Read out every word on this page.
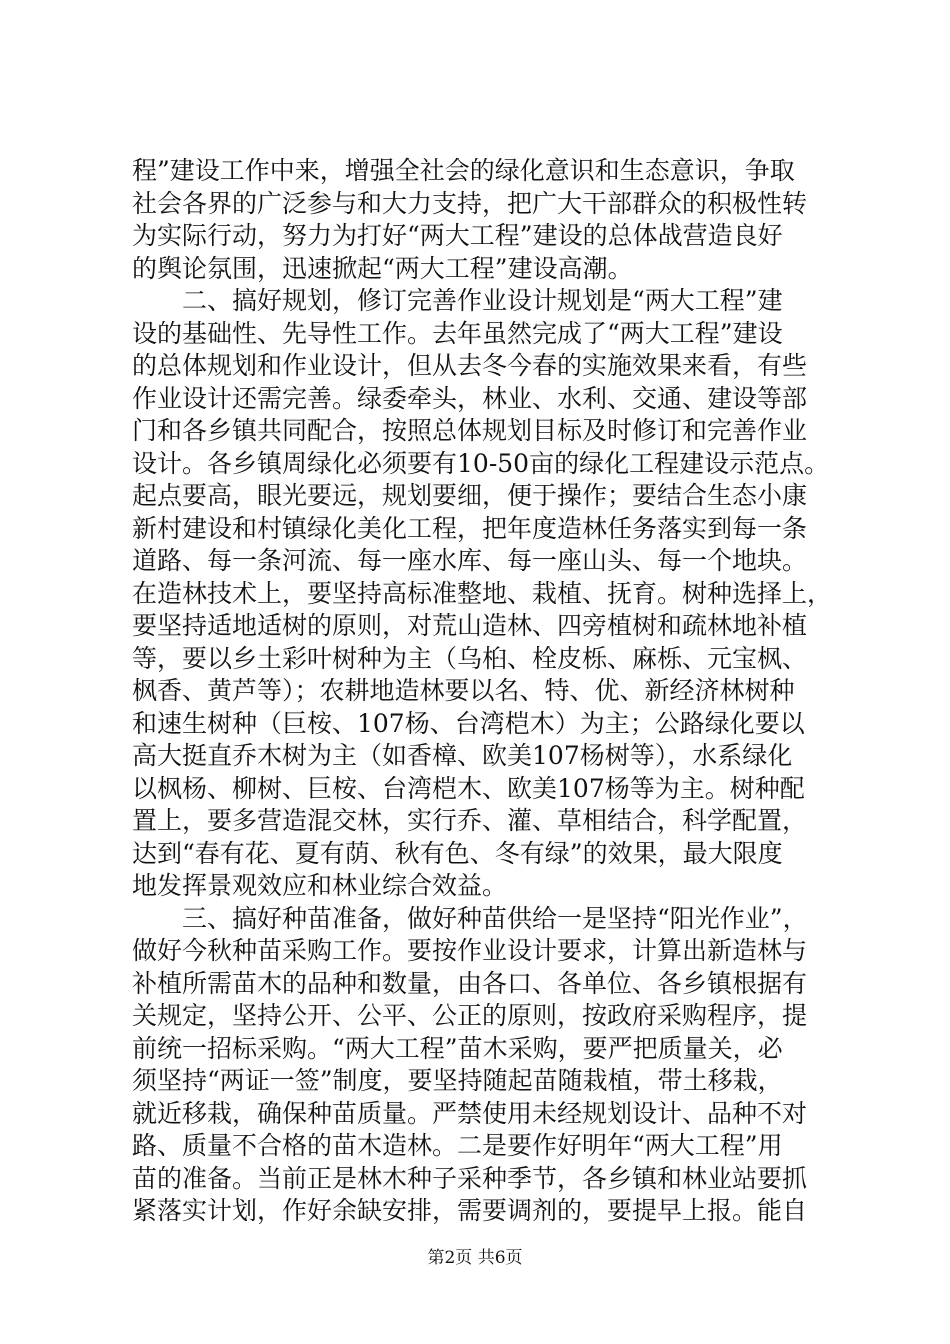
程”建设工作中来，增强全社会的绿化意识和生态意识，争取
社会各界的广泛参与和大力支持，把广大干部群众的积极性转
为实际行动，努力为打好“两大工程”建设的总体战营造良好
的舆论氛围，迅速掀起“两大工程”建设高潮。
二、搞好规划，修订完善作业设计规划是“两大工程”建
设的基础性、先导性工作。去年虽然完成了“两大工程”建设
的总体规划和作业设计，但从去冬今春的实施效果来看，有些
作业设计还需完善。绿委牵头，林业、水利、交通、建设等部
门和各乡镇共同配合，按照总体规划目标及时修订和完善作业
设计。各乡镇周绿化必须要有10-50亩的绿化工程建设示范点。
起点要高，眼光要远，规划要细，便于操作；要结合生态小康
新村建设和村镇绿化美化工程，把年度造林任务落实到每一条
道路、每一条河流、每一座水库、每一座山头、每一个地块。
在造林技术上，要坚持高标准整地、栽植、抚育。树种选择上，
要坚持适地适树的原则，对荒山造林、四旁植树和疏林地补植
等，要以乡土彩叶树种为主（乌桕、栓皮栎、麻栎、元宝枫、
枫香、黄芦等）；农耕地造林要以名、特、优、新经济林树种
和速生树种（巨桉、107杨、台湾桤木）为主；公路绿化要以
高大挺直乔木树为主（如香樟、欧美107杨树等），水系绿化
以枫杨、柳树、巨桉、台湾桤木、欧美107杨等为主。树种配
置上，要多营造混交林，实行乔、灌、草相结合，科学配置，
达到“春有花、夏有荫、秋有色、冬有绿”的效果，最大限度
地发挥景观效应和林业综合效益。
三、搞好种苗准备，做好种苗供给一是坚持“阳光作业”，
做好今秋种苗采购工作。要按作业设计要求，计算出新造林与
补植所需苗木的品种和数量，由各口、各单位、各乡镇根据有
关规定，坚持公开、公平、公正的原则，按政府采购程序，提
前统一招标采购。“两大工程”苗木采购，要严把质量关，必
须坚持“两证一签”制度，要坚持随起苗随栽植，带土移栽，
就近移栽，确保种苗质量。严禁使用未经规划设计、品种不对
路、质量不合格的苗木造林。二是要作好明年“两大工程”用
苗的准备。当前正是林木种子采种季节，各乡镇和林业站要抓
紧落实计划，作好余缺安排，需要调剂的，要提早上报。能自
第2页 共6页
